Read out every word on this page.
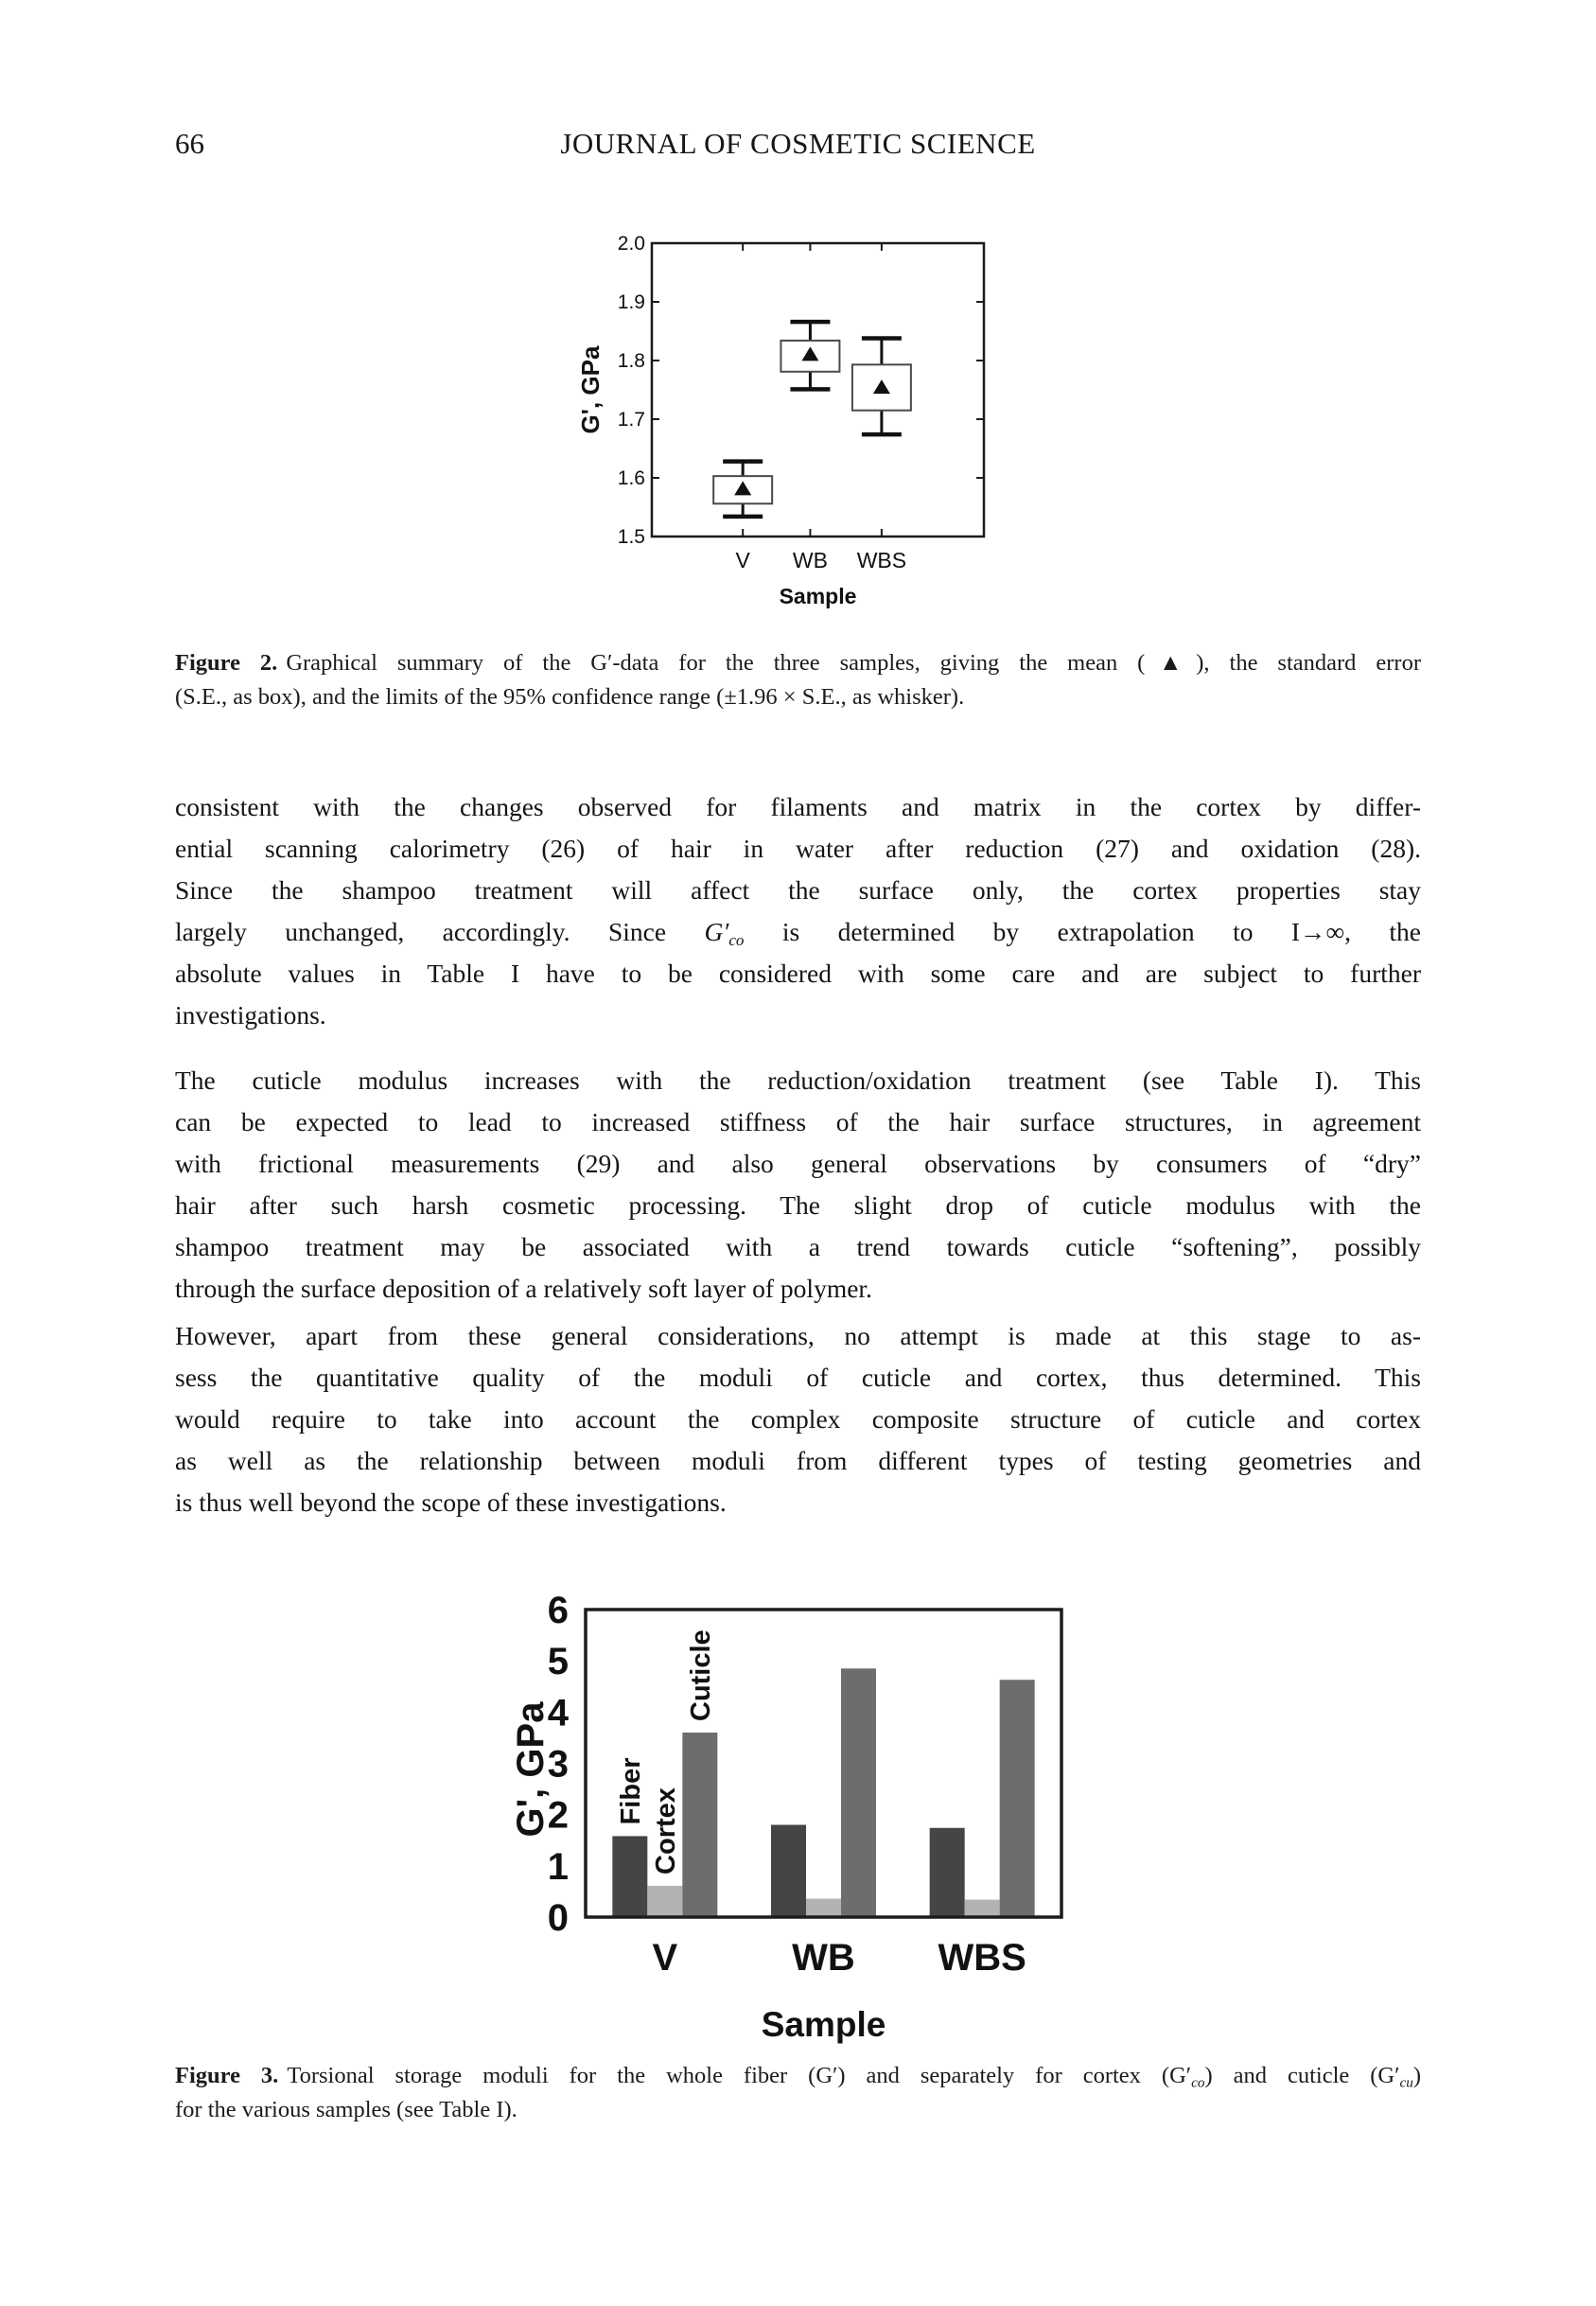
66	JOURNAL OF COSMETIC SCIENCE
1.5
1.6
1.7
1.8
1.9
2.0
V WB WBS
Sample
G', GPa
Figure 2. Graphical summary of the G′-data for the three samples, giving the mean (▲), the standard error
(S.E., as box), and the limits of the 95% confidence range (±1.96 × S.E., as whisker).
consistent with the changes observed for filaments and matrix in the cortex by differ-
ential scanning calorimetry (26) of hair in water after reduction (27) and oxidation (28).
Since the shampoo treatment will affect the surface only, the cortex properties stay
largely unchanged, accordingly. Since $G'_{co}$ is determined by extrapolation to I→∞, the
absolute values in Table I have to be considered with some care and are subject to further
investigations.
The cuticle modulus increases with the reduction/oxidation treatment (see Table I). This
can be expected to lead to increased stiffness of the hair surface structures, in agreement
with frictional measurements (29) and also general observations by consumers of “dry”
hair after such harsh cosmetic processing. The slight drop of cuticle modulus with the
shampoo treatment may be associated with a trend towards cuticle “softening”, possibly
through the surface deposition of a relatively soft layer of polymer.
However, apart from these general considerations, no attempt is made at this stage to as-
sess the quantitative quality of the moduli of cuticle and cortex, thus determined. This
would require to take into account the complex composite structure of cuticle and cortex
as well as the relationship between moduli from different types of testing geometries and
is thus well beyond the scope of these investigations.
0
1
2
3
4
5
6
Fiber Cortex
Cuticle
V	WB WBS
Sample
G', GPa
Figure 3. Torsional storage moduli for the whole fiber (G′) and separately for cortex $(G'_{co})$ and cuticle $(G'_{cu})$
for the various samples (see Table I).
